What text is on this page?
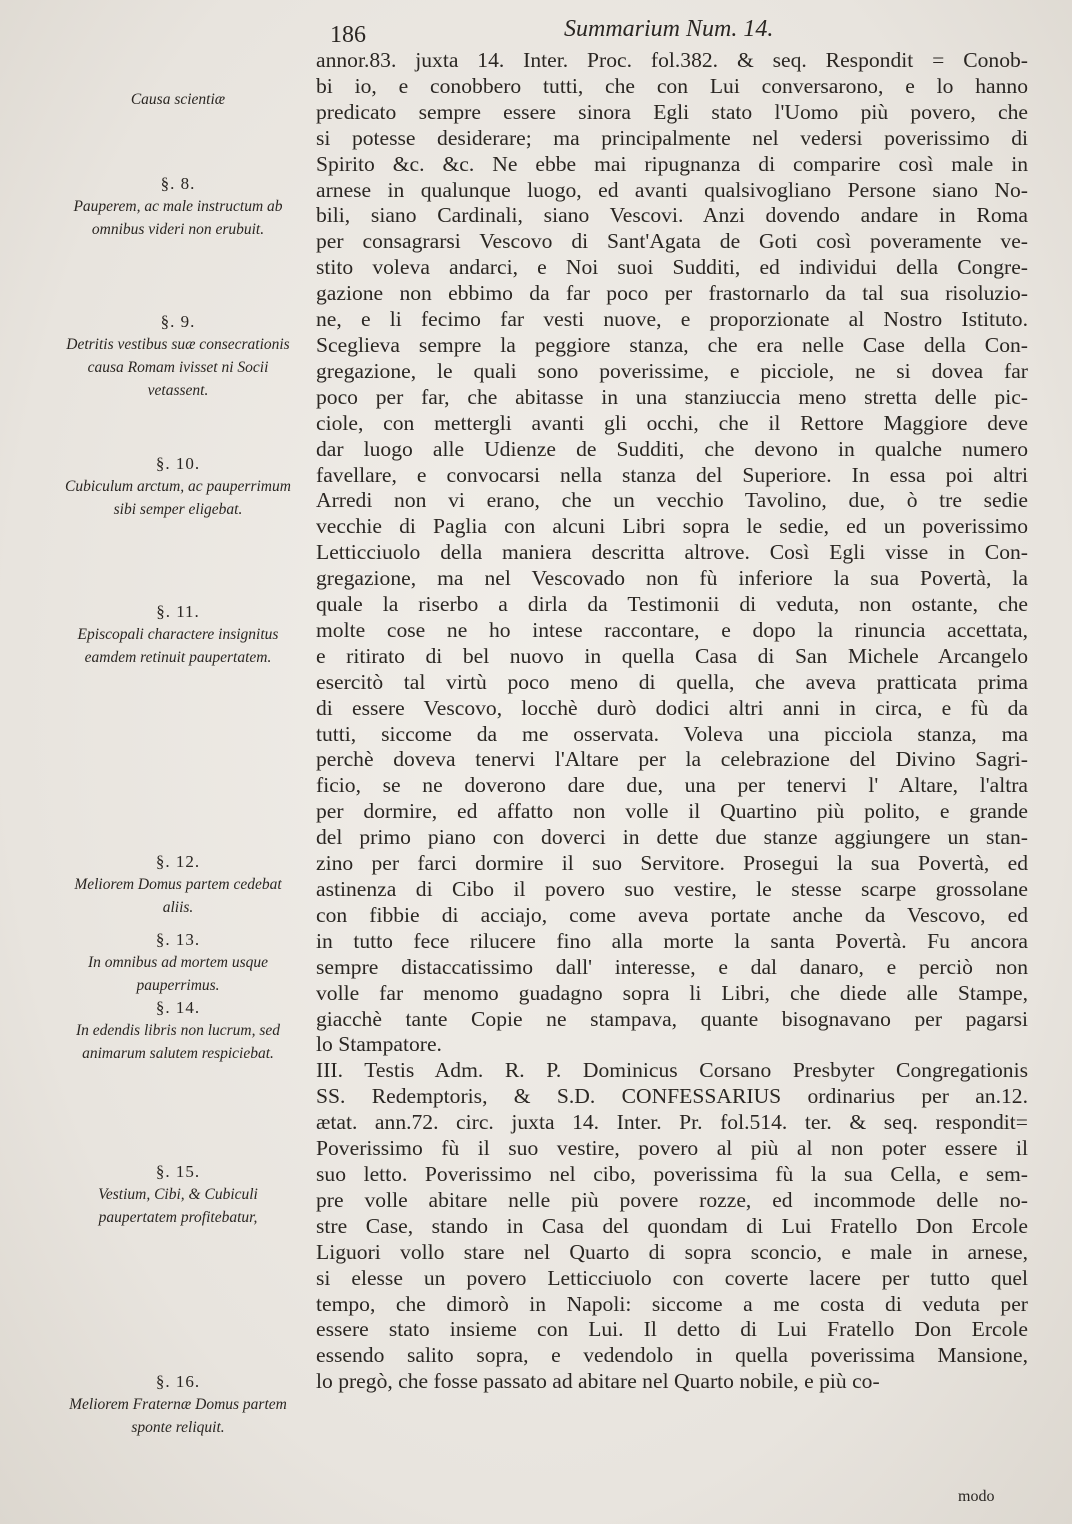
186	Summarium Num. 14.
Causa scientiæ
§. 8.
Pauperem, ac male instructum ab omnibus videri non erubuit.
§. 9.
Detritis vestibus suæ consecrationis causa Romam ivisset ni Socii vetassent.
§. 10.
Cubiculum arctum, ac pauperrimum sibi semper eligebat.
§. 11.
Episcopali charactere insignitus eamdem retinuit paupertatem.
§. 12.
Meliorem Domus partem cedebat aliis.
§. 13.
In omnibus ad mortem usque pauperrimus.
§. 14.
In edendis libris non lucrum, sed animarum salutem respiciebat.
§. 15.
Vestium, Cibi, & Cubiculi paupertatem profitebatur,
§. 16.
Meliorem Fraternæ Domus partem sponte reliquit.

annor.83. juxta 14. Inter. Proc. fol.382. & seq. Respondit = Conob-
bi io, e conobbero tutti, che con Lui conversarono, e lo hanno
predicato sempre essere sinora Egli stato l'Uomo più povero, che
si potesse desiderare; ma principalmente nel vedersi poverissimo di
Spirito &c. &c. Ne ebbe mai ripugnanza di comparire così male in
arnese in qualunque luogo, ed avanti qualsivogliano Persone siano No-
bili, siano Cardinali, siano Vescovi. Anzi dovendo andare in Roma
per consagrarsi Vescovo di Sant'Agata de Goti così poveramente ve-
stito voleva andarci, e Noi suoi Sudditi, ed individui della Congre-
gazione non ebbimo da far poco per frastornarlo da tal sua risoluzio-
ne, e li fecimo far vesti nuove, e proporzionate al Nostro Istituto.
Sceglieva sempre la peggiore stanza, che era nelle Case della Con-
gregazione, le quali sono poverissime, e picciole, ne si dovea far
poco per far, che abitasse in una stanziuccia meno stretta delle pic-
ciole, con mettergli avanti gli occhi, che il Rettore Maggiore deve
dar luogo alle Udienze de Sudditi, che devono in qualche numero
favellare, e convocarsi nella stanza del Superiore. In essa poi altri
Arredi non vi erano, che un vecchio Tavolino, due, ò tre sedie
vecchie di Paglia con alcuni Libri sopra le sedie, ed un poverissimo
Letticciuolo della maniera descritta altrove. Così Egli visse in Con-
gregazione, ma nel Vescovado non fù inferiore la sua Povertà, la
quale la riserbo a dirla da Testimonii di veduta, non ostante, che
molte cose ne ho intese raccontare, e dopo la rinuncia accettata,
e ritirato di bel nuovo in quella Casa di San Michele Arcangelo
esercitò tal virtù poco meno di quella, che aveva pratticata prima
di essere Vescovo, locchè durò dodici altri anni in circa, e fù da
tutti, siccome da me osservata. Voleva una picciola stanza, ma
perchè doveva tenervi l'Altare per la celebrazione del Divino Sagri-
ficio, se ne doverono dare due, una per tenervi l' Altare, l'altra
per dormire, ed affatto non volle il Quartino più polito, e grande
del primo piano con doverci in dette due stanze aggiungere un stan-
zino per farci dormire il suo Servitore. Prosegui la sua Povertà, ed
astinenza di Cibo il povero suo vestire, le stesse scarpe grossolane
con fibbie di acciajo, come aveva portate anche da Vescovo, ed
in tutto fece rilucere fino alla morte la santa Povertà. Fu ancora
sempre distaccatissimo dall' interesse, e dal danaro, e perciò non
volle far menomo guadagno sopra li Libri, che diede alle Stampe,
giacchè tante Copie ne stampava, quante bisognavano per pagarsi
lo Stampatore.

III. Testis Adm. R. P. Dominicus Corsano Presbyter Congregationis
SS. Redemptoris, & S.D. CONFESSARIUS ordinarius per an.12.
ætat. ann.72. circ. juxta 14. Inter. Pr. fol.514. ter. & seq. respondit=
Poverissimo fù il suo vestire, povero al più al non poter essere il
suo letto. Poverissimo nel cibo, poverissima fù la sua Cella, e sem-
pre volle abitare nelle più povere rozze, ed incommode delle no-
stre Case, stando in Casa del quondam di Lui Fratello Don Ercole
Liguori vollo stare nel Quarto di sopra sconcio, e male in arnese,
si elesse un povero Letticciuolo con coverte lacere per tutto quel
tempo, che dimorò in Napoli: siccome a me costa di veduta per
essere stato insieme con Lui. Il detto di Lui Fratello Don Ercole
essendo salito sopra, e vedendolo in quella poverissima Mansione,
lo pregò, che fosse passato ad abitare nel Quarto nobile, e più co-

modo
